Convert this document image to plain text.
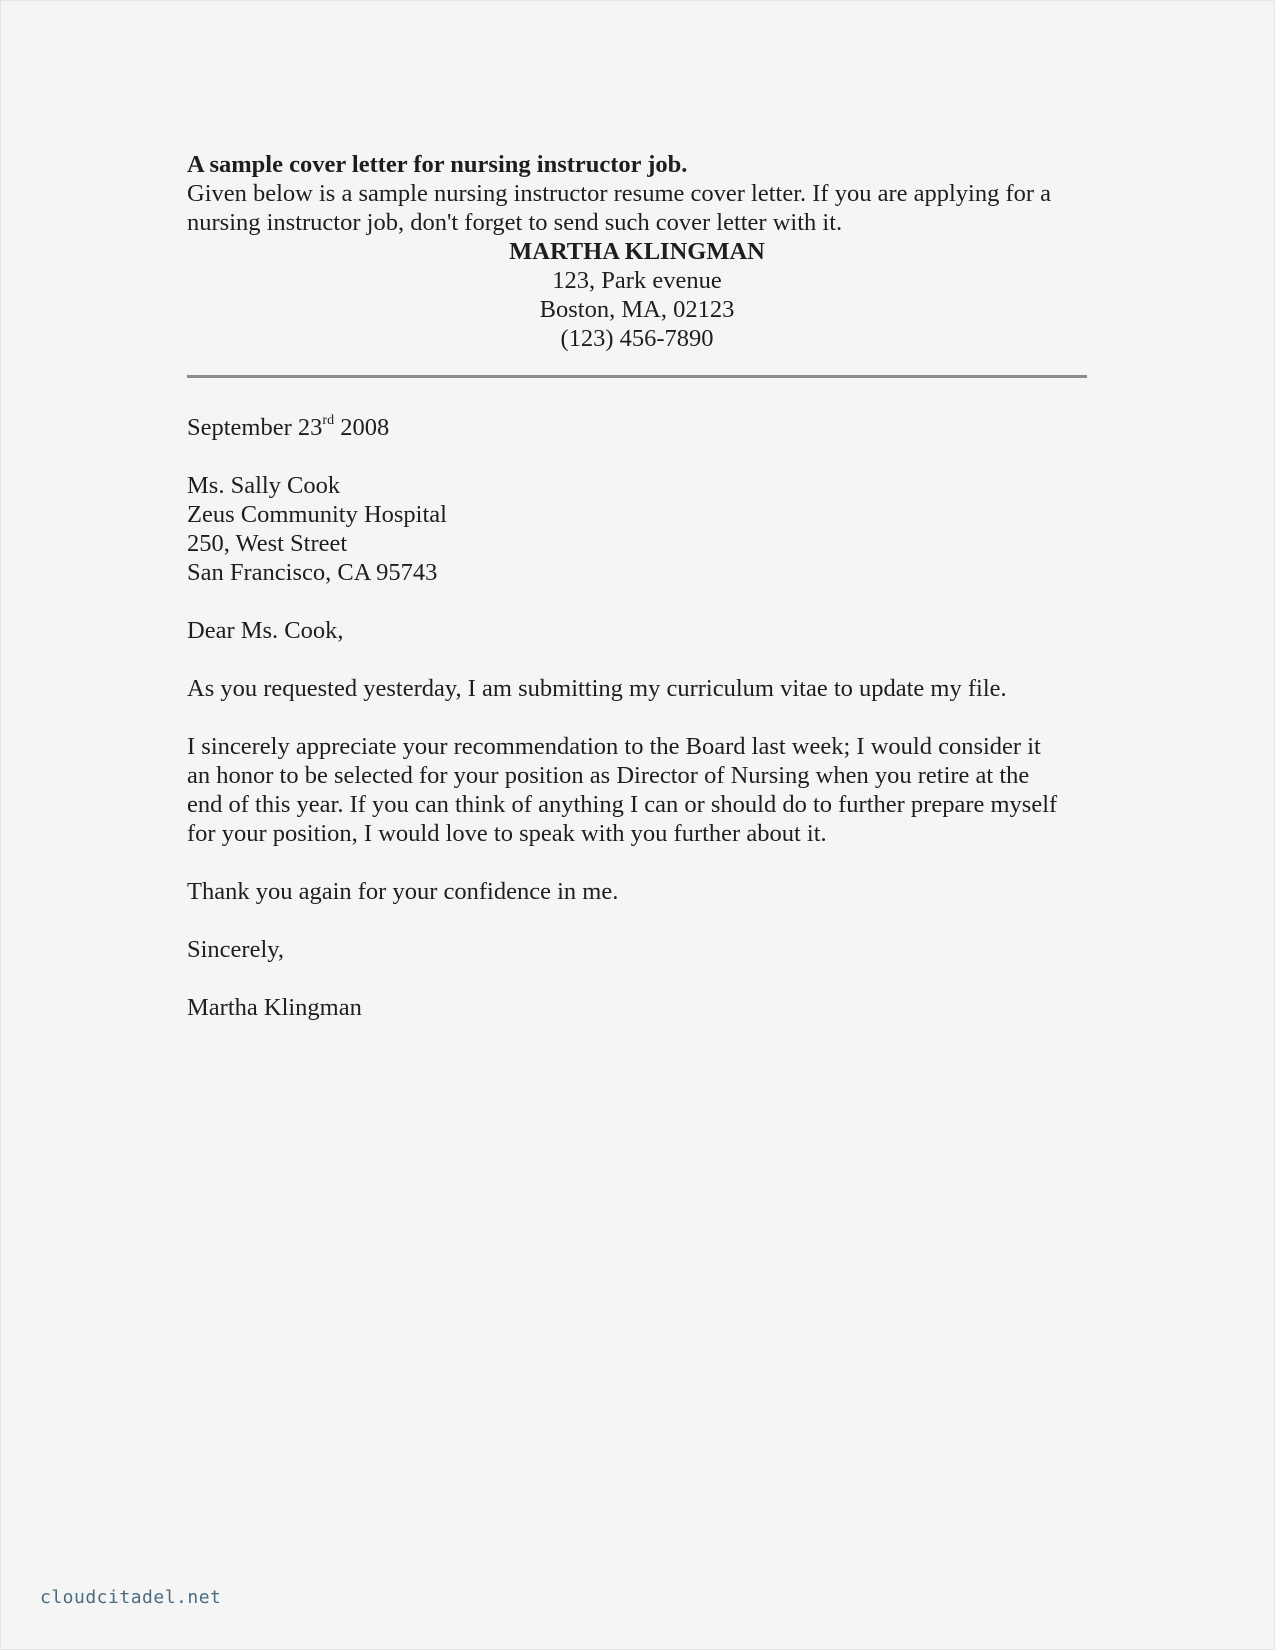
A sample cover letter for nursing instructor job.

Given below is a sample nursing instructor resume cover letter. If you are applying for a
nursing instructor job, don't forget to send such cover letter with it.

MARTHA KLINGMAN
123, Park evenue
Boston, MA, 02123
(123) 456-7890

September 23rd 2008

Ms. Sally Cook
Zeus Community Hospital
250, West Street
San Francisco, CA 95743

Dear Ms. Cook,

As you requested yesterday, I am submitting my curriculum vitae to update my file.

I sincerely appreciate your recommendation to the Board last week; I would consider it
an honor to be selected for your position as Director of Nursing when you retire at the
end of this year. If you can think of anything I can or should do to further prepare myself
for your position, I would love to speak with you further about it.

Thank you again for your confidence in me.

Sincerely,

Martha Klingman

cloudcitadel.net
